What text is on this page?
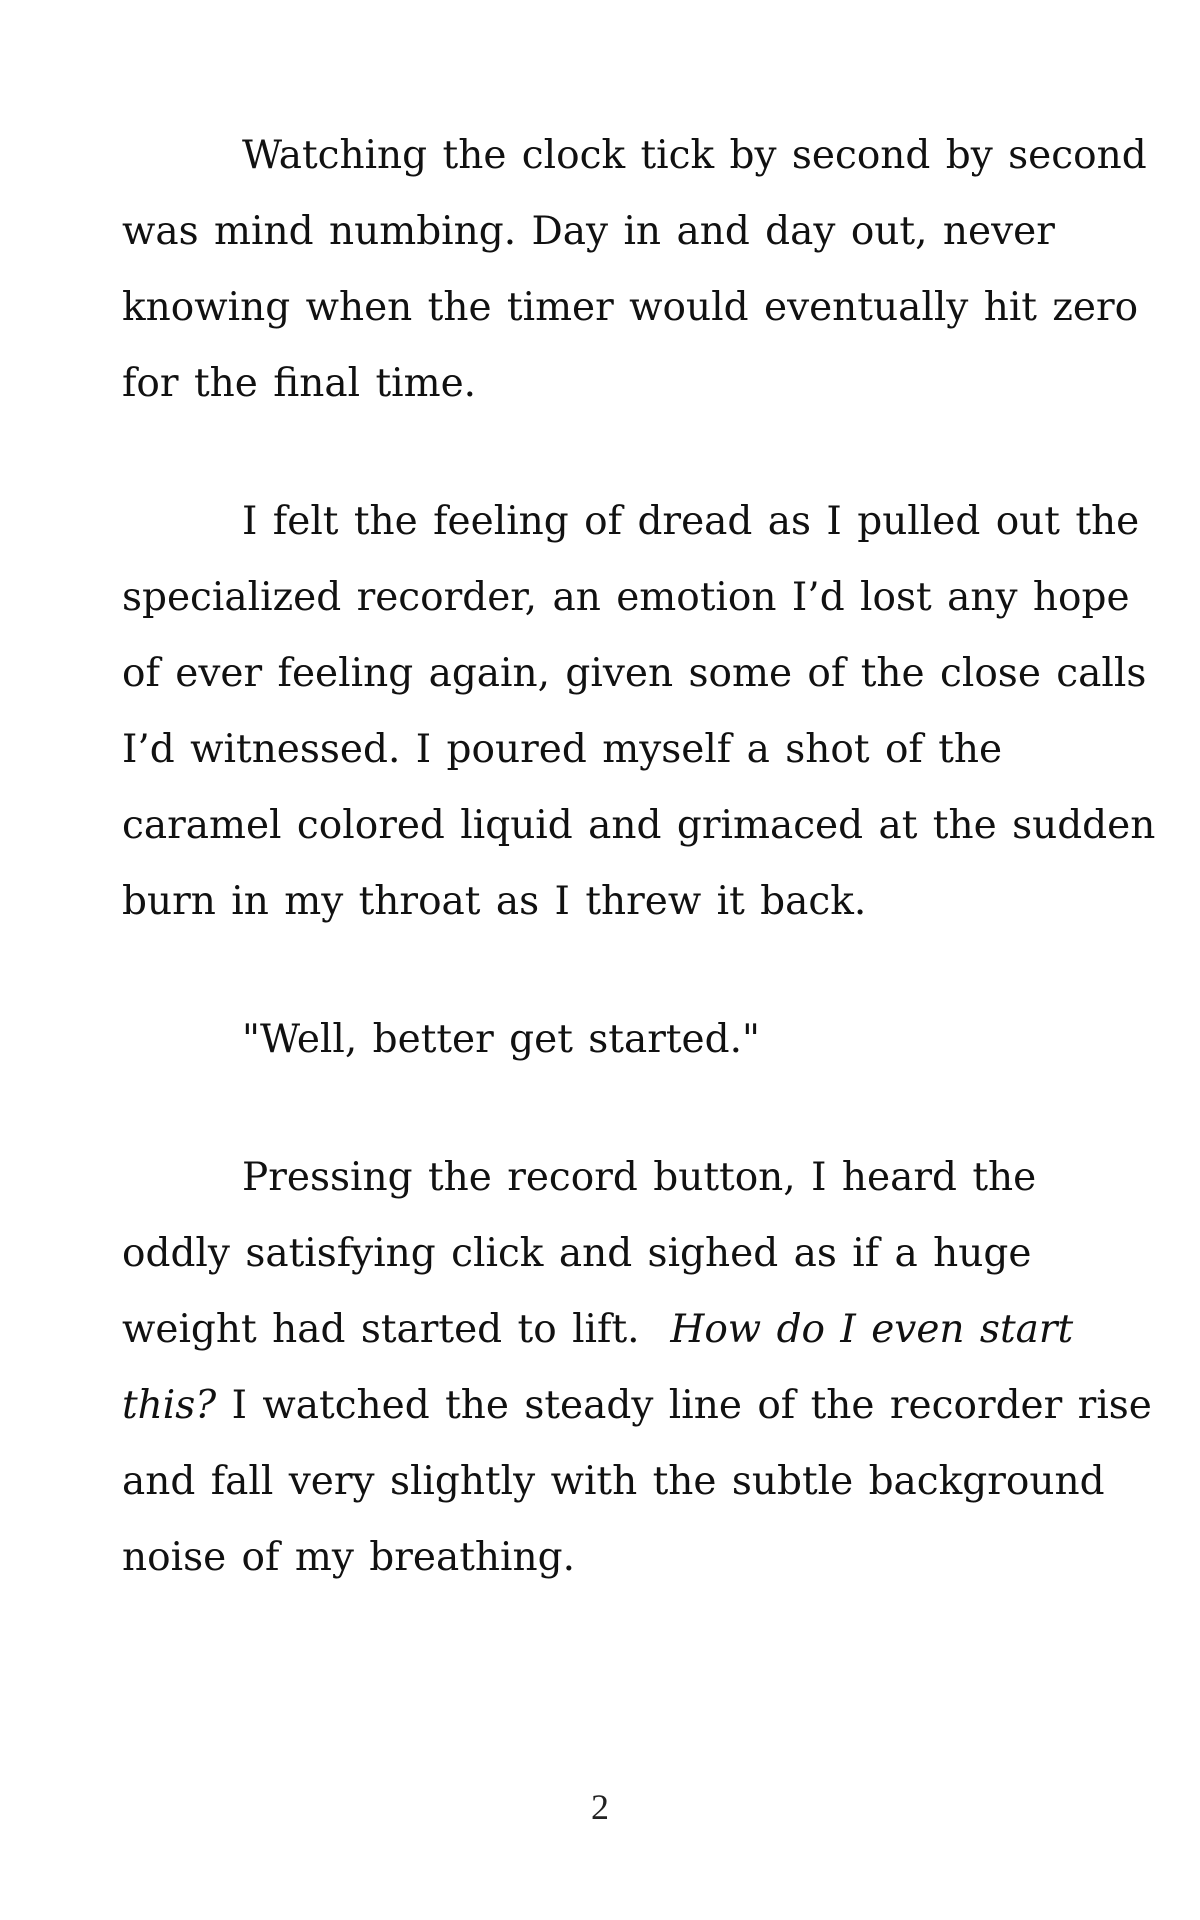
Watching the clock tick by second by second
was mind numbing. Day in and day out, never
knowing when the timer would eventually hit zero
for the final time.

I felt the feeling of dread as I pulled out the
specialized recorder, an emotion I’d lost any hope
of ever feeling again, given some of the close calls
I’d witnessed. I poured myself a shot of the
caramel colored liquid and grimaced at the sudden
burn in my throat as I threw it back.

"Well, better get started."

Pressing the record button, I heard the
oddly satisfying click and sighed as if a huge
weight had started to lift. How do I even start
this? I watched the steady line of the recorder rise
and fall very slightly with the subtle background
noise of my breathing.

2
